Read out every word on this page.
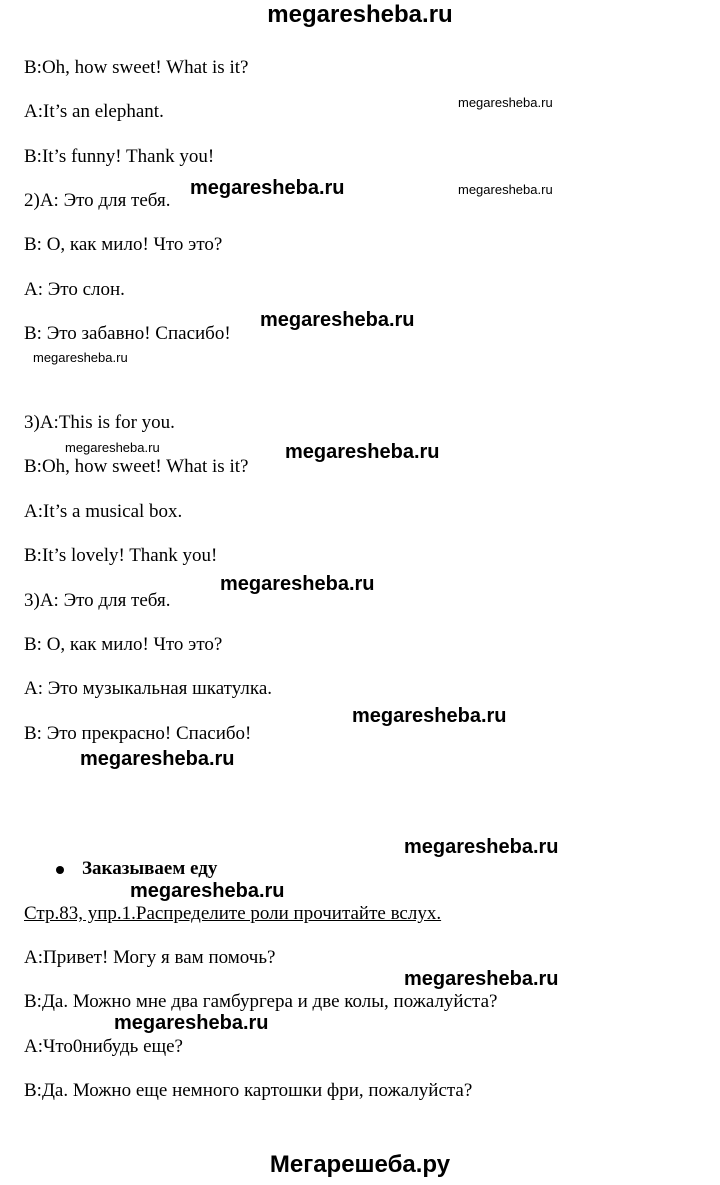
megaresheba.ru
B:Oh, how sweet! What is it?
A:It’s an elephant.
B:It’s funny! Thank you!
2)А: Это для тебя.
В: О, как мило! Что это?
А: Это слон.
В: Это забавно! Спасибо!
3)A:This is for you.
B:Oh, how sweet! What is it?
A:It’s a musical box.
B:It’s lovely! Thank you!
3)А: Это для тебя.
В: О, как мило! Что это?
А: Это музыкальная шкатулка.
В: Это прекрасно! Спасибо!
Заказываем еду
Стр.83, упр.1.Распределите роли прочитайте вслух.
А:Привет! Могу я вам помочь?
В:Да. Можно мне два гамбургера и две колы, пожалуйста?
А:Что0нибудь еще?
В:Да. Можно еще немного картошки фри, пожалуйста?
megaresheba.ru
megaresheba.ru	megaresheba.ru
megaresheba.ru
megaresheba.ru
megaresheba.ru	megaresheba.ru
megaresheba.ru
megaresheba.ru
megaresheba.ru
megaresheba.ru
megaresheba.ru
megaresheba.ru
megaresheba.ru
Мегарешеба.ру
